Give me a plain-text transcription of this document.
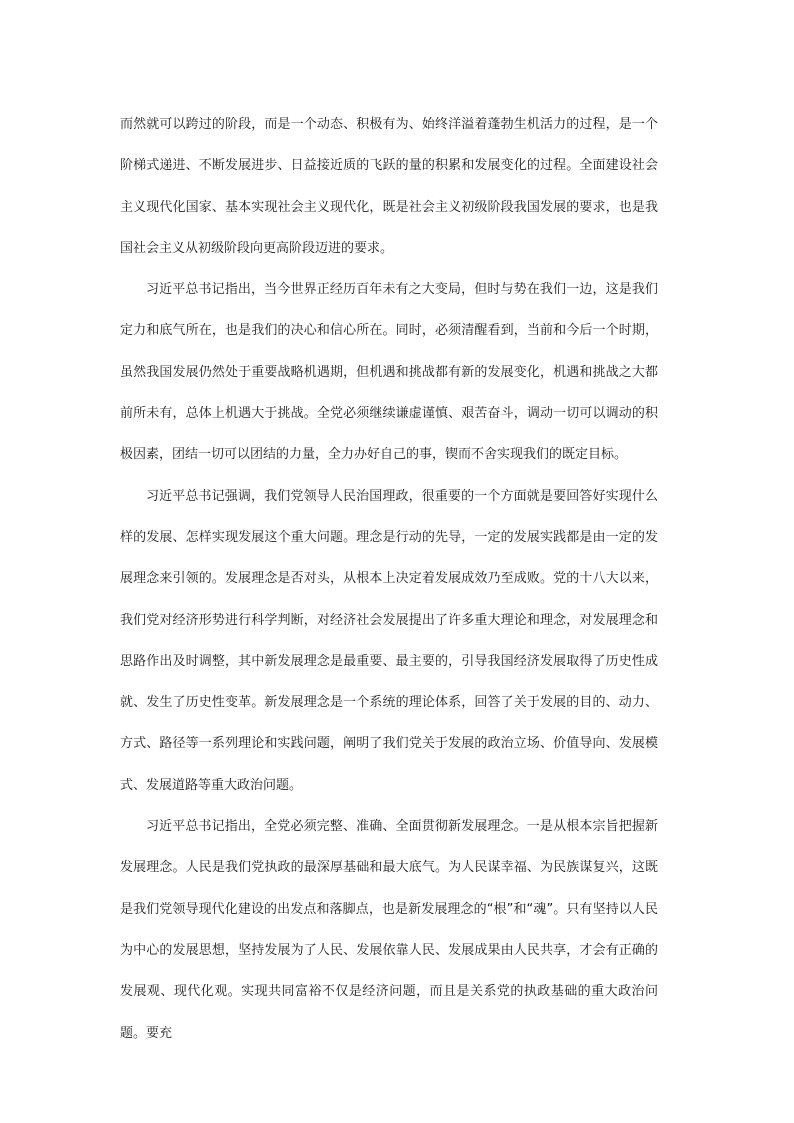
而然就可以跨过的阶段，而是一个动态、积极有为、始终洋溢着蓬勃生机活力的过程，是一个阶梯式递进、不断发展进步、日益接近质的飞跃的量的积累和发展变化的过程。全面建设社会主义现代化国家、基本实现社会主义现代化，既是社会主义初级阶段我国发展的要求，也是我国社会主义从初级阶段向更高阶段迈进的要求。

习近平总书记指出，当今世界正经历百年未有之大变局，但时与势在我们一边，这是我们定力和底气所在，也是我们的决心和信心所在。同时，必须清醒看到，当前和今后一个时期，虽然我国发展仍然处于重要战略机遇期，但机遇和挑战都有新的发展变化，机遇和挑战之大都前所未有，总体上机遇大于挑战。全党必须继续谦虚谨慎、艰苦奋斗，调动一切可以调动的积极因素，团结一切可以团结的力量，全力办好自己的事，锲而不舍实现我们的既定目标。

习近平总书记强调，我们党领导人民治国理政，很重要的一个方面就是要回答好实现什么样的发展、怎样实现发展这个重大问题。理念是行动的先导，一定的发展实践都是由一定的发展理念来引领的。发展理念是否对头，从根本上决定着发展成效乃至成败。党的十八大以来，我们党对经济形势进行科学判断，对经济社会发展提出了许多重大理论和理念，对发展理念和思路作出及时调整，其中新发展理念是最重要、最主要的，引导我国经济发展取得了历史性成就、发生了历史性变革。新发展理念是一个系统的理论体系，回答了关于发展的目的、动力、方式、路径等一系列理论和实践问题，阐明了我们党关于发展的政治立场、价值导向、发展模式、发展道路等重大政治问题。

习近平总书记指出，全党必须完整、准确、全面贯彻新发展理念。一是从根本宗旨把握新发展理念。人民是我们党执政的最深厚基础和最大底气。为人民谋幸福、为民族谋复兴，这既是我们党领导现代化建设的出发点和落脚点，也是新发展理念的“根”和“魂”。只有坚持以人民为中心的发展思想，坚持发展为了人民、发展依靠人民、发展成果由人民共享，才会有正确的发展观、现代化观。实现共同富裕不仅是经济问题，而且是关系党的执政基础的重大政治问题。要充
